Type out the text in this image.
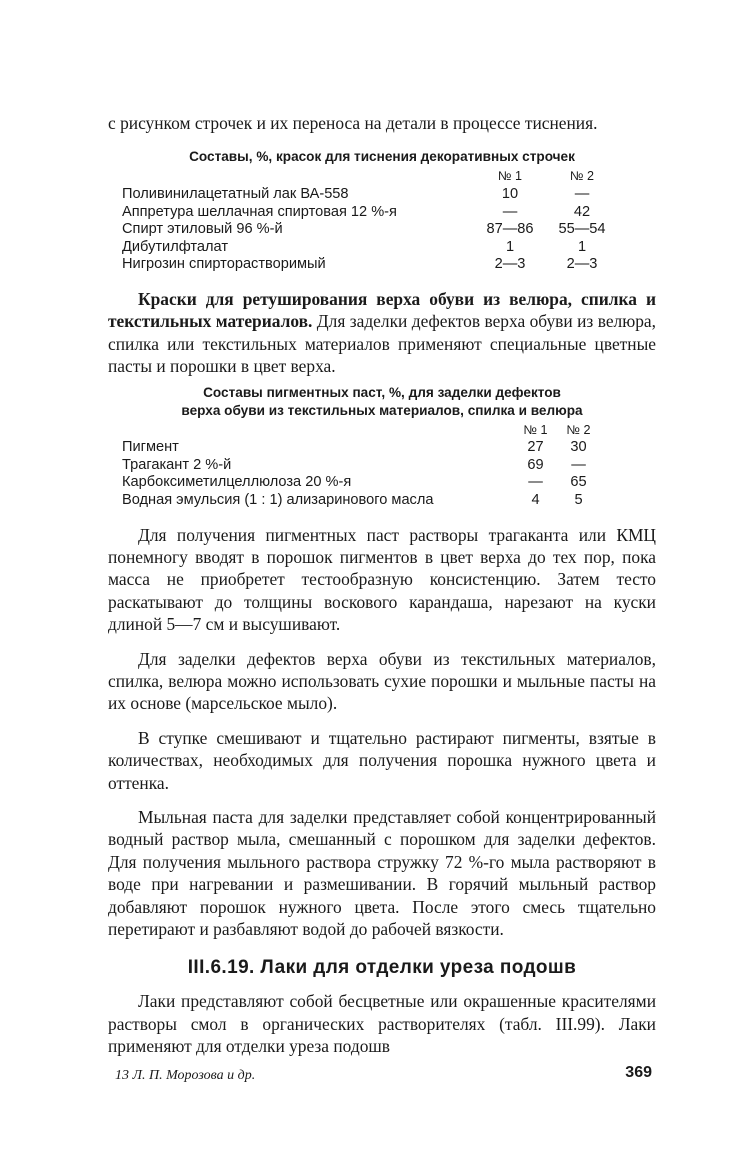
с рисунком строчек и их переноса на детали в процессе тиснения.

Составы, %, красок для тиснения декоративных строчек
	№ 1	№ 2
Поливинилацетатный лак ВА-558	10	—
Аппретура шеллачная спиртовая 12 %-я	—	42
Спирт этиловый 96 %-й	87—86	55—54
Дибутилфталат	1	1
Нигрозин спирторастворимый	2—3	2—3

Краски для ретуширования верха обуви из велюра, спилка и текстильных материалов. Для заделки дефектов верха обуви из велюра, спилка или текстильных материалов применяют специальные цветные пасты и порошки в цвет верха.

Составы пигментных паст, %, для заделки дефектов
верха обуви из текстильных материалов, спилка и велюра
	№ 1	№ 2
Пигмент	27	30
Трагакант 2 %-й	69	—
Карбоксиметилцеллюлоза 20 %-я	—	65
Водная эмульсия (1 : 1) ализаринового масла	4	5

Для получения пигментных паст растворы трагаканта или КМЦ понемногу вводят в порошок пигментов в цвет верха до тех пор, пока масса не приобретет тестообразную консистенцию. Затем тесто раскатывают до толщины воскового карандаша, нарезают на куски длиной 5—7 см и высушивают.

Для заделки дефектов верха обуви из текстильных материалов, спилка, велюра можно использовать сухие порошки и мыльные пасты на их основе (марсельское мыло).

В ступке смешивают и тщательно растирают пигменты, взятые в количествах, необходимых для получения порошка нужного цвета и оттенка.

Мыльная паста для заделки представляет собой концентрированный водный раствор мыла, смешанный с порошком для заделки дефектов. Для получения мыльного раствора стружку 72 %-го мыла растворяют в воде при нагревании и размешивании. В горячий мыльный раствор добавляют порошок нужного цвета. После этого смесь тщательно перетирают и разбавляют водой до рабочей вязкости.

III.6.19. Лаки для отделки уреза подошв

Лаки представляют собой бесцветные или окрашенные красителями растворы смол в органических растворителях (табл. III.99). Лаки применяют для отделки уреза подошв

13 Л. П. Морозова и др.	369
